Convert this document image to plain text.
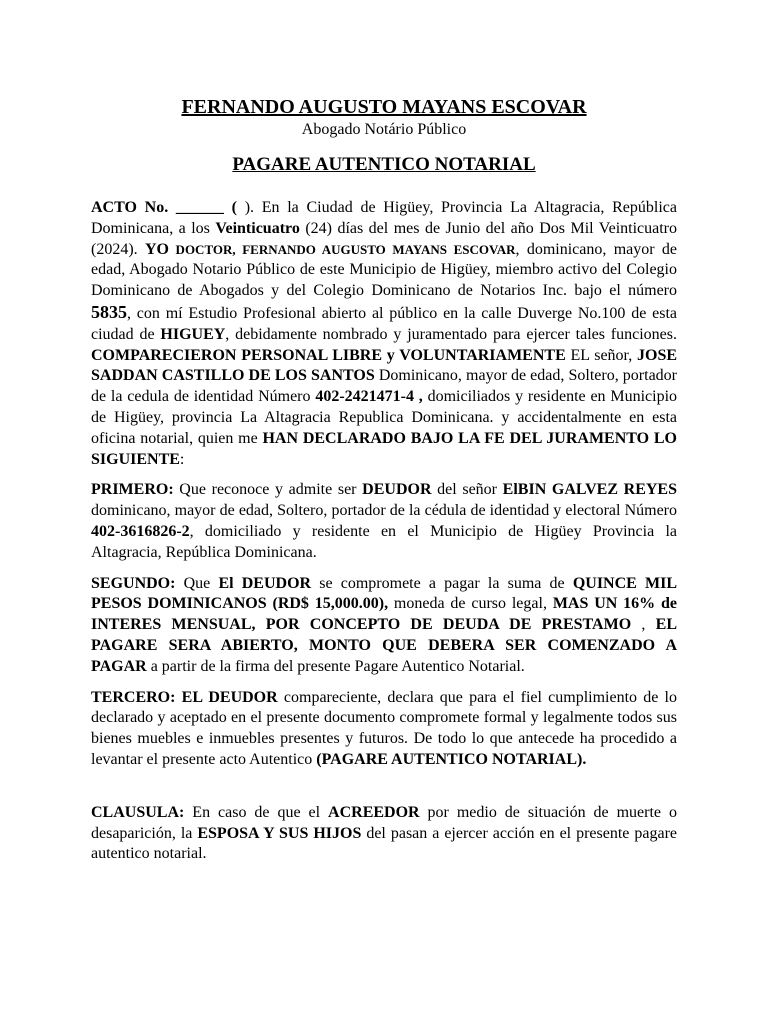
FERNANDO AUGUSTO MAYANS ESCOVAR
Abogado Notário Público
PAGARE AUTENTICO NOTARIAL

ACTO No. ______ ( ). En la Ciudad de Higüey, Provincia La Altagracia, República Dominicana, a los Veinticuatro (24) días del mes de Junio del año Dos Mil Veinticuatro (2024). YO DOCTOR, FERNANDO AUGUSTO MAYANS ESCOVAR, dominicano, mayor de edad, Abogado Notario Público de este Municipio de Higüey, miembro activo del Colegio Dominicano de Abogados y del Colegio Dominicano de Notarios Inc. bajo el número 5835, con mí Estudio Profesional abierto al público en la calle Duverge No.100 de esta ciudad de HIGUEY, debidamente nombrado y juramentado para ejercer tales funciones. COMPARECIERON PERSONAL LIBRE y VOLUNTARIAMENTE EL señor, JOSE SADDAN CASTILLO DE LOS SANTOS Dominicano, mayor de edad, Soltero, portador de la cedula de identidad Número 402-2421471-4 , domiciliados y residente en Municipio de Higüey, provincia La Altagracia Republica Dominicana. y accidentalmente en esta oficina notarial, quien me HAN DECLARADO BAJO LA FE DEL JURAMENTO LO SIGUIENTE:

PRIMERO: Que reconoce y admite ser DEUDOR del señor ElBIN GALVEZ REYES dominicano, mayor de edad, Soltero, portador de la cédula de identidad y electoral Número 402-3616826-2, domiciliado y residente en el Municipio de Higüey Provincia la Altagracia, República Dominicana.

SEGUNDO: Que El DEUDOR se compromete a pagar la suma de QUINCE MIL PESOS DOMINICANOS (RD$ 15,000.00), moneda de curso legal, MAS UN 16% de INTERES MENSUAL, POR CONCEPTO DE DEUDA DE PRESTAMO , EL PAGARE SERA ABIERTO, MONTO QUE DEBERA SER COMENZADO A PAGAR a partir de la firma del presente Pagare Autentico Notarial.

TERCERO: EL DEUDOR compareciente, declara que para el fiel cumplimiento de lo declarado y aceptado en el presente documento compromete formal y legalmente todos sus bienes muebles e inmuebles presentes y futuros. De todo lo que antecede ha procedido a levantar el presente acto Autentico (PAGARE AUTENTICO NOTARIAL).

CLAUSULA: En caso de que el ACREEDOR por medio de situación de muerte o desaparición, la ESPOSA Y SUS HIJOS del pasan a ejercer acción en el presente pagare autentico notarial.
